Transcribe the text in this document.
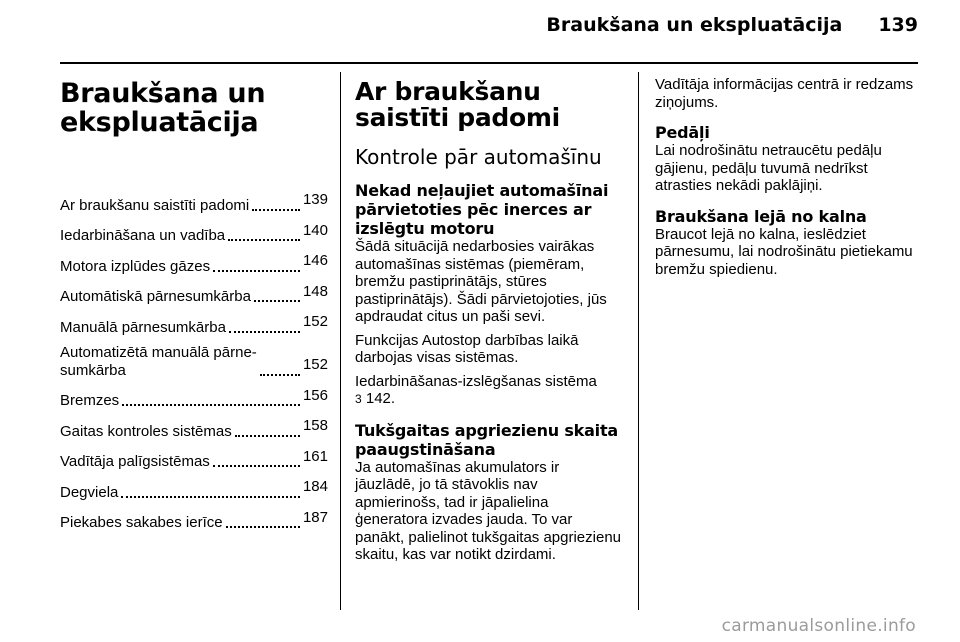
Braukšana un ekspluatācija 139
Braukšana un ekspluatācija
Ar braukšanu saistīti padomi	139
Iedarbināšana un vadība	140
Motora izplūdes gāzes	146
Automātiskā pārnesumkārba	148
Manuālā pārnesumkārba	152
Automatizētā manuālā pārne-
sumkārba	152
Bremzes	156
Gaitas kontroles sistēmas	158
Vadītāja palīgsistēmas	161
Degviela	184
Piekabes sakabes ierīce	187
Ar braukšanu saistīti padomi
Kontrole pār automašīnu
Nekad neļaujiet automašīnai pārvietoties pēc inerces ar izslēgtu motoru

Šādā situācijā nedarbosies vairākas automašīnas sistēmas (piemēram, bremžu pastiprinātājs, stūres pastiprinātājs). Šādi pārvietojoties, jūs apdraudat citus un paši sevi.

Funkcijas Autostop darbības laikā darbojas visas sistēmas.

Iedarbināšanas-izslēgšanas sistēma
3 142.

Tukšgaitas apgriezienu skaita paaugstināšana

Ja automašīnas akumulators ir jāuzlādē, jo tā stāvoklis nav apmierinošs, tad ir jāpalielina ģeneratora izvades jauda. To var panākt, palielinot tukšgaitas apgriezienu skaitu, kas var notikt dzirdami.

Vadītāja informācijas centrā ir redzams ziņojums.

Pedāļi

Lai nodrošinātu netraucētu pedāļu gājienu, pedāļu tuvumā nedrīkst atrasties nekādi paklājiņi.

Braukšana lejā no kalna

Braucot lejā no kalna, ieslēdziet pārnesumu, lai nodrošinātu pietiekamu bremžu spiedienu.

carmanualsonline.info
